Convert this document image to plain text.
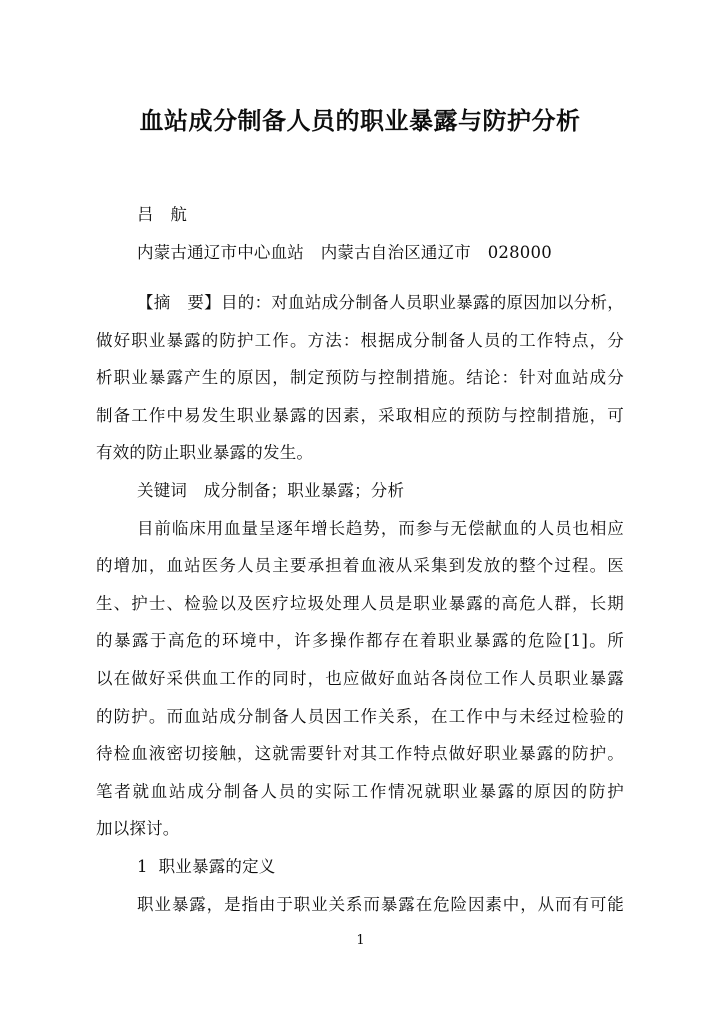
血站成分制备人员的职业暴露与防护分析
吕　航
内蒙古通辽市中心血站　内蒙古自治区通辽市　028000
【摘　要】目的：对血站成分制备人员职业暴露的原因加以分析，
做好职业暴露的防护工作。方法：根据成分制备人员的工作特点，分
析职业暴露产生的原因，制定预防与控制措施。结论：针对血站成分
制备工作中易发生职业暴露的因素，采取相应的预防与控制措施，可
有效的防止职业暴露的发生。
关键词　成分制备；职业暴露；分析
目前临床用血量呈逐年增长趋势，而参与无偿献血的人员也相应
的增加，血站医务人员主要承担着血液从采集到发放的整个过程。医
生、护士、检验以及医疗垃圾处理人员是职业暴露的高危人群，长期
的暴露于高危的环境中，许多操作都存在着职业暴露的危险[1]。所
以在做好采供血工作的同时，也应做好血站各岗位工作人员职业暴露
的防护。而血站成分制备人员因工作关系，在工作中与未经过检验的
待检血液密切接触，这就需要针对其工作特点做好职业暴露的防护。
笔者就血站成分制备人员的实际工作情况就职业暴露的原因的防护
加以探讨。
1  职业暴露的定义
职业暴露，是指由于职业关系而暴露在危险因素中，从而有可能
1
